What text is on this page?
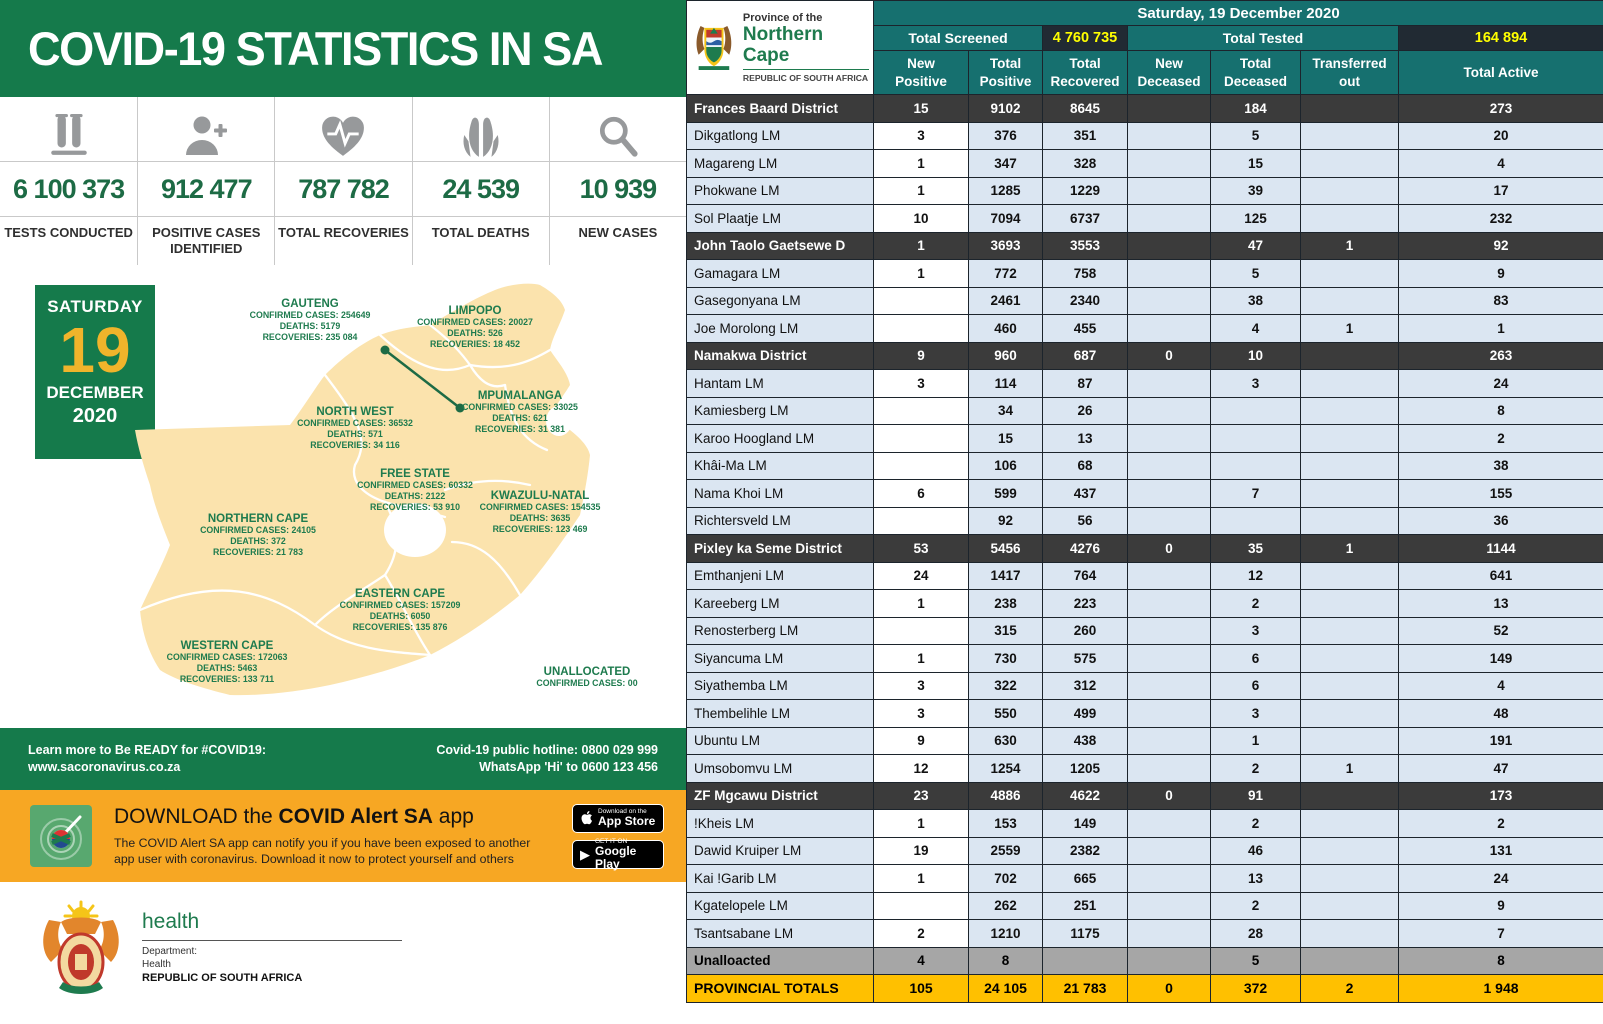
COVID-19 STATISTICS IN SA
6 100 373
TESTS CONDUCTED
912 477
POSITIVE CASES IDENTIFIED
787 782
TOTAL RECOVERIES
24 539
TOTAL DEATHS
10 939
NEW CASES
SATURDAY
19
DECEMBER
2020
GAUTENG
CONFIRMED CASES: 254649
DEATHS: 5179
RECOVERIES: 235 084
LIMPOPO
CONFIRMED CASES: 20027
DEATHS: 526
RECOVERIES: 18 452
NORTH WEST
CONFIRMED CASES: 36532
DEATHS: 571
RECOVERIES: 34 116
MPUMALANGA
CONFIRMED CASES: 33025
DEATHS: 621
RECOVERIES: 31 381
FREE STATE
CONFIRMED CASES: 60332
DEATHS: 2122
RECOVERIES: 53 910
KWAZULU-NATAL
CONFIRMED CASES: 154535
DEATHS: 3635
RECOVERIES: 123 469
NORTHERN CAPE
CONFIRMED CASES: 24105
DEATHS: 372
RECOVERIES: 21 783
EASTERN CAPE
CONFIRMED CASES: 157209
DEATHS: 6050
RECOVERIES: 135 876
WESTERN CAPE
CONFIRMED CASES: 172063
DEATHS: 5463
RECOVERIES: 133 711
UNALLOCATED
CONFIRMED CASES: 00
Learn more to Be READY for #COVID19:
www.sacoronavirus.co.za
Covid-19 public hotline: 0800 029 999
WhatsApp 'Hi' to 0600 123 456
DOWNLOAD the COVID Alert SA app
The COVID Alert SA app can notify you if you have been exposed to another app user with coronavirus. Download it now to protect yourself and others
Download on the
App Store
▶
GET IT ON
Google Play
health
Department:
Health
REPUBLIC OF SOUTH AFRICA
Province of the
Northern Cape
REPUBLIC OF SOUTH AFRICA	Saturday, 19 December 2020						
	Total Screened		4 760 735	Total Tested			164 894
	New Positive	Total Positive	Total Recovered	New Deceased	Total Deceased	Transferred out	Total Active
Frances Baard District	15	9102	8645		184		273
Dikgatlong LM	3	376	351		5		20
Magareng LM	1	347	328		15		4
Phokwane LM	1	1285	1229		39		17
Sol Plaatje LM	10	7094	6737		125		232
John Taolo Gaetsewe D	1	3693	3553		47	1	92
Gamagara LM	1	772	758		5		9
Gasegonyana LM		2461	2340		38		83
Joe Morolong LM		460	455		4	1	1
Namakwa District	9	960	687	0	10		263
Hantam LM	3	114	87		3		24
Kamiesberg LM		34	26				8
Karoo Hoogland LM		15	13				2
Khâi-Ma LM		106	68				38
Nama Khoi LM	6	599	437		7		155
Richtersveld LM		92	56				36
Pixley ka Seme District	53	5456	4276	0	35	1	1144
Emthanjeni LM	24	1417	764		12		641
Kareeberg LM	1	238	223		2		13
Renosterberg LM		315	260		3		52
Siyancuma LM	1	730	575		6		149
Siyathemba LM	3	322	312		6		4
Thembelihle LM	3	550	499		3		48
Ubuntu LM	9	630	438		1		191
Umsobomvu LM	12	1254	1205		2	1	47
ZF Mgcawu District	23	4886	4622	0	91		173
!Kheis LM	1	153	149		2		2
Dawid Kruiper LM	19	2559	2382		46		131
Kai !Garib LM	1	702	665		13		24
Kgatelopele LM		262	251		2		9
Tsantsabane LM	2	1210	1175		28		7
Unalloacted	4	8			5		8
PROVINCIAL TOTALS	105	24 105	21 783	0	372	2	1 948
